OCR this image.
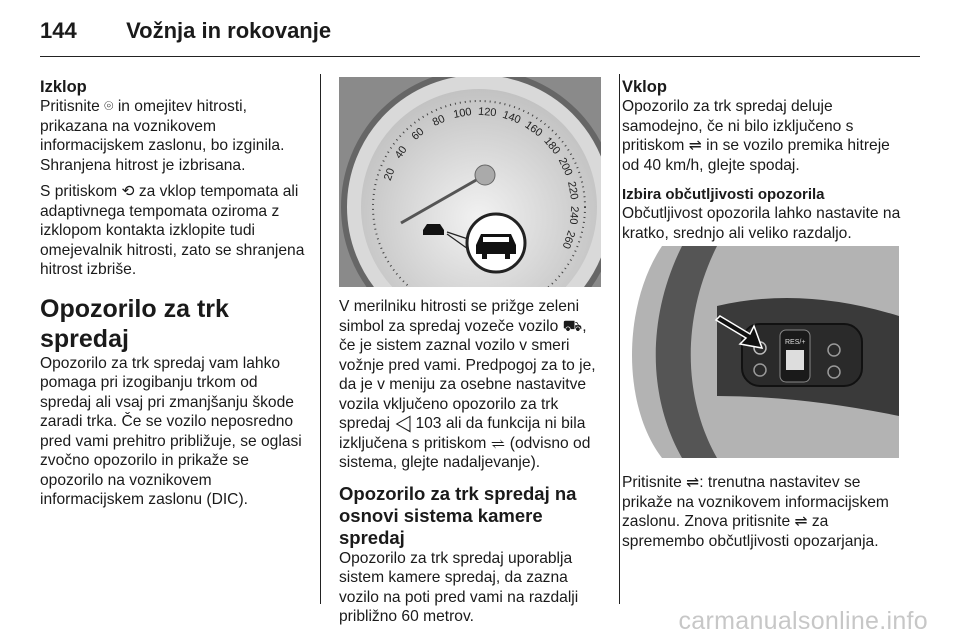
144 Vožnja in rokovanje
Izklop

Pritisnite ⌾ in omejitev hitrosti, prikazana na voznikovem informacijskem zaslonu, bo izginila. Shranjena hitrost je izbrisana.

S pritiskom ⟲ za vklop tempomata ali adaptivnega tempomata oziroma z izklopom kontakta izklopite tudi omejevalnik hitrosti, zato se shranjena hitrost izbriše.

Opozorilo za trk spredaj

Opozorilo za trk spredaj vam lahko pomaga pri izogibanju trkom od spredaj ali vsaj pri zmanjšanju škode zaradi trka. Če se vozilo neposredno pred vami prehitro približuje, se oglasi zvočno opozorilo in prikaže se opozorilo na voznikovem informacijskem zaslonu (DIC).

20
40
60
80 100 120 140
160
180
200
220
240
260

V merilniku hitrosti se prižge zeleni simbol za spredaj vozeče vozilo ⛟, če je sistem zaznal vozilo v smeri vožnje pred vami. Predpogoj za to je, da je v meniju za osebne nastavitve vozila vključeno opozorilo za trk spredaj ◁ 103 ali da funkcija ni bila izključena s pritiskom ⇌ (odvisno od sistema, glejte nadaljevanje).

Opozorilo za trk spredaj na osnovi sistema kamere spredaj

Opozorilo za trk spredaj uporablja sistem kamere spredaj, da zazna vozilo na poti pred vami na razdalji približno 60 metrov.

Vklop

Opozorilo za trk spredaj deluje samodejno, če ni bilo izključeno s pritiskom ⇌ in se vozilo premika hitreje od 40 km/h, glejte spodaj.

Izbira občutljivosti opozorila

Občutljivost opozorila lahko nastavite na kratko, srednjo ali veliko razdaljo.

RES/+

Pritisnite ⇌: trenutna nastavitev se prikaže na voznikovem informacijskem zaslonu. Znova pritisnite ⇌ za spremembo občutljivosti opozarjanja.

carmanualsonline.info
